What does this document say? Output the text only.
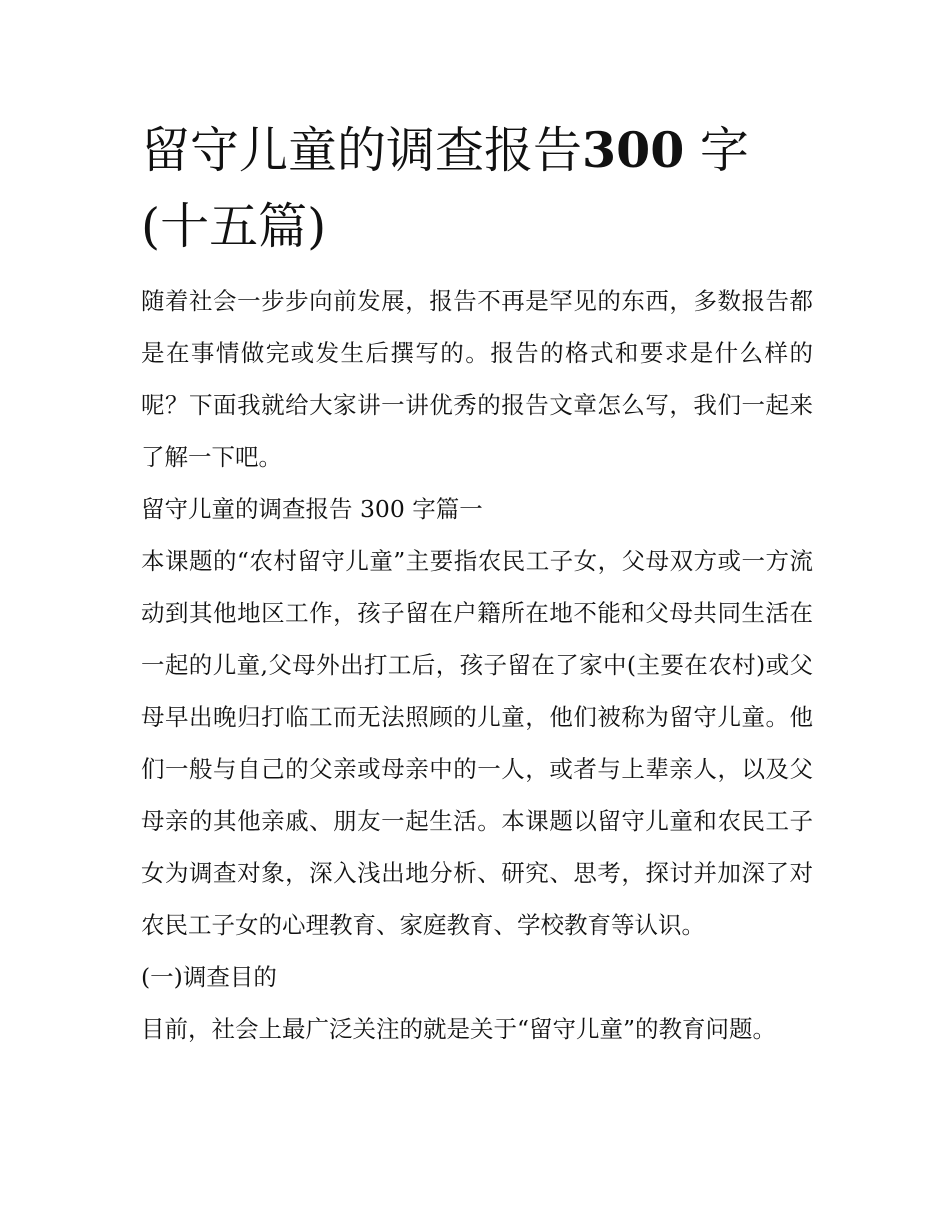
留守儿童的调查报告300 字(十五篇)

随着社会一步步向前发展，报告不再是罕见的东西，多数报告都是在事情做完或发生后撰写的。报告的格式和要求是什么样的呢？下面我就给大家讲一讲优秀的报告文章怎么写，我们一起来了解一下吧。

留守儿童的调查报告 300 字篇一

本课题的“农村留守儿童”主要指农民工子女，父母双方或一方流动到其他地区工作，孩子留在户籍所在地不能和父母共同生活在一起的儿童,父母外出打工后，孩子留在了家中(主要在农村)或父母早出晚归打临工而无法照顾的儿童，他们被称为留守儿童。他们一般与自己的父亲或母亲中的一人，或者与上辈亲人，以及父母亲的其他亲戚、朋友一起生活。本课题以留守儿童和农民工子女为调查对象，深入浅出地分析、研究、思考，探讨并加深了对农民工子女的心理教育、家庭教育、学校教育等认识。

(一)调查目的

目前，社会上最广泛关注的就是关于“留守儿童”的教育问题。
